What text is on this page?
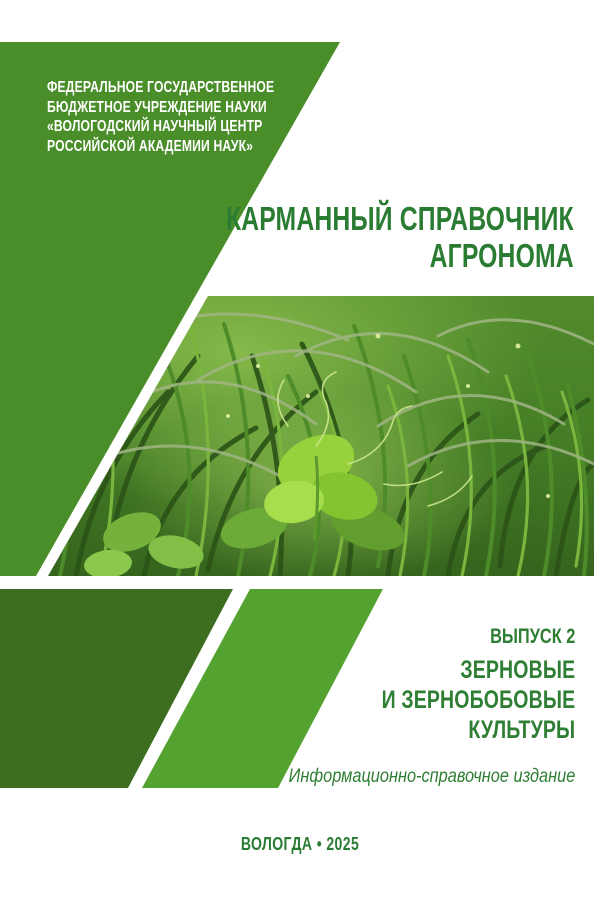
ФЕДЕРАЛЬНОЕ ГОСУДАРСТВЕННОЕ
БЮДЖЕТНОЕ УЧРЕЖДЕНИЕ НАУКИ
«ВОЛОГОДСКИЙ НАУЧНЫЙ ЦЕНТР
РОССИЙСКОЙ АКАДЕМИИ НАУК»
КАРМАННЫЙ СПРАВОЧНИК
АГРОНОМА
ВЫПУСК 2
ЗЕРНОВЫЕ
И ЗЕРНОБОБОВЫЕ
КУЛЬТУРЫ
Информационно-справочное издание
ВОЛОГДА • 2025
